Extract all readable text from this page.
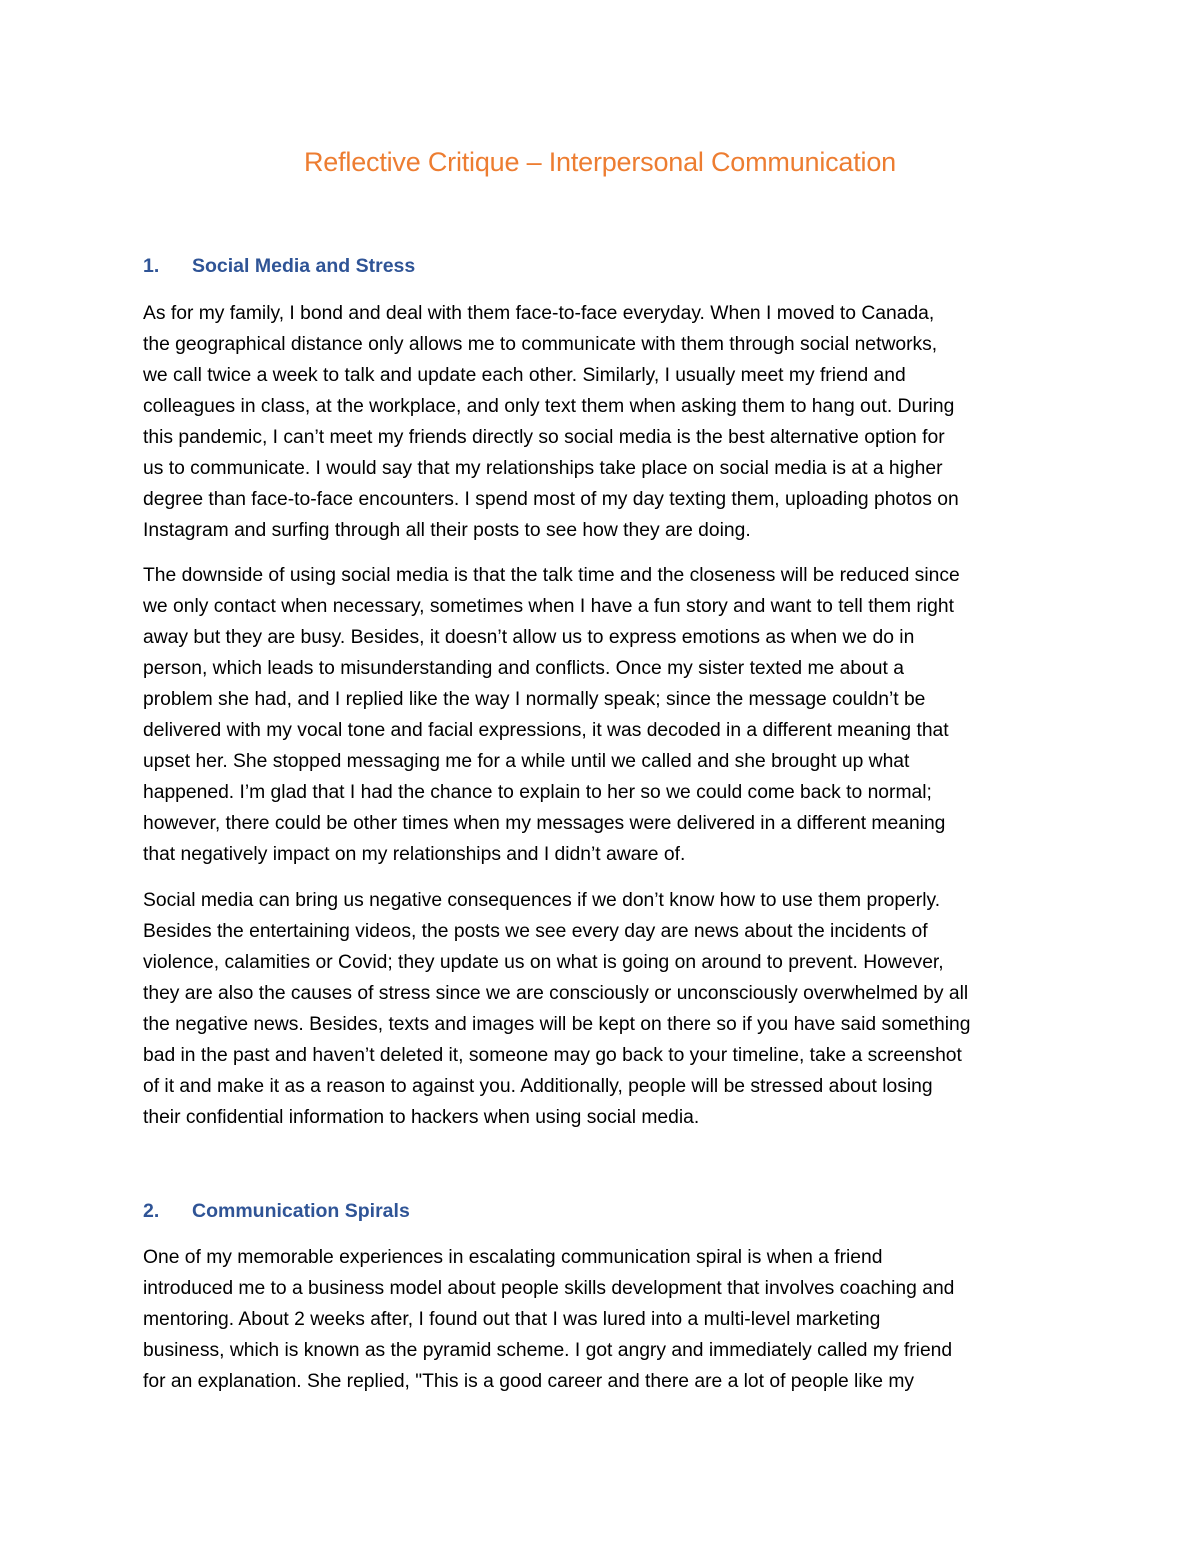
Reflective Critique – Interpersonal Communication
1. Social Media and Stress

As for my family, I bond and deal with them face-to-face everyday. When I moved to Canada,
the geographical distance only allows me to communicate with them through social networks,
we call twice a week to talk and update each other. Similarly, I usually meet my friend and
colleagues in class, at the workplace, and only text them when asking them to hang out. During
this pandemic, I can’t meet my friends directly so social media is the best alternative option for
us to communicate. I would say that my relationships take place on social media is at a higher
degree than face-to-face encounters. I spend most of my day texting them, uploading photos on
Instagram and surfing through all their posts to see how they are doing.

The downside of using social media is that the talk time and the closeness will be reduced since
we only contact when necessary, sometimes when I have a fun story and want to tell them right
away but they are busy. Besides, it doesn’t allow us to express emotions as when we do in
person, which leads to misunderstanding and conflicts. Once my sister texted me about a
problem she had, and I replied like the way I normally speak; since the message couldn’t be
delivered with my vocal tone and facial expressions, it was decoded in a different meaning that
upset her. She stopped messaging me for a while until we called and she brought up what
happened. I’m glad that I had the chance to explain to her so we could come back to normal;
however, there could be other times when my messages were delivered in a different meaning
that negatively impact on my relationships and I didn’t aware of.

Social media can bring us negative consequences if we don’t know how to use them properly.
Besides the entertaining videos, the posts we see every day are news about the incidents of
violence, calamities or Covid; they update us on what is going on around to prevent. However,
they are also the causes of stress since we are consciously or unconsciously overwhelmed by all
the negative news. Besides, texts and images will be kept on there so if you have said something
bad in the past and haven’t deleted it, someone may go back to your timeline, take a screenshot
of it and make it as a reason to against you. Additionally, people will be stressed about losing
their confidential information to hackers when using social media.

2. Communication Spirals

One of my memorable experiences in escalating communication spiral is when a friend
introduced me to a business model about people skills development that involves coaching and
mentoring. About 2 weeks after, I found out that I was lured into a multi-level marketing
business, which is known as the pyramid scheme. I got angry and immediately called my friend
for an explanation. She replied, "This is a good career and there are a lot of people like my
